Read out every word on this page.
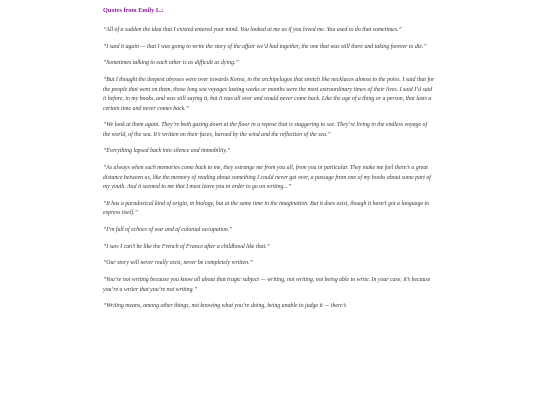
Quotes from Emily L.:
“All of a sudden the idea that I existed entered your mind. You looked at me as if you loved me. You used to do that sometimes.”
“I said it again — that I was going to write the story of the affair we’d had together, the one that was still there and taking forever to die.”
“Sometimes talking to each other is as difficult as dying.”
“But I thought the deepest abysses were over towards Korea, in the archipelagos that stretch like necklaces almost to the poles. I said that for the people that went on them, those long sea voyages lasting weeks or months were the most extraordinary times of their lives. I said I’d said it before, in my books, and was still saying it, but it was all over and would never come back. Like the age of a thing or a person, that lasts a certain time and never comes back.”
“We look at them again. They’re both gazing down at the floor in a repose that is staggering to see. They’re living in the endless voyage of the world, of the sea. It’s written on their faces, burned by the wind and the reflection of the sea.”
“Everything lapsed back into silence and immobility.”
“As always when such memories come back to me, they estrange me from you all, from you in particular. They make me feel there’s a great distance between us, like the memory of reading about something I could never get over, a passage from one of my books about some part of my youth. And it seemed to me that I must leave you in order to go on writing...”
“It has a paradoxical kind of origin, in biology, but at the same time in the imagination. But it does exist, though it hasn’t got a language to express itself.”
“I’m full of echoes of war and of colonial occupation.”
“I saw I can’t be like the French of France after a childhood like that.”
“Our story will never really exist, never be completely written.”
“You’re not writing because you know all about that tragic subject — writing, not writing, not being able to write. In your case, it’s because you’re a writer that you’re not writing.”
“Writing means, among other things, not knowing what you’re doing, being unable to judge it — there’s
